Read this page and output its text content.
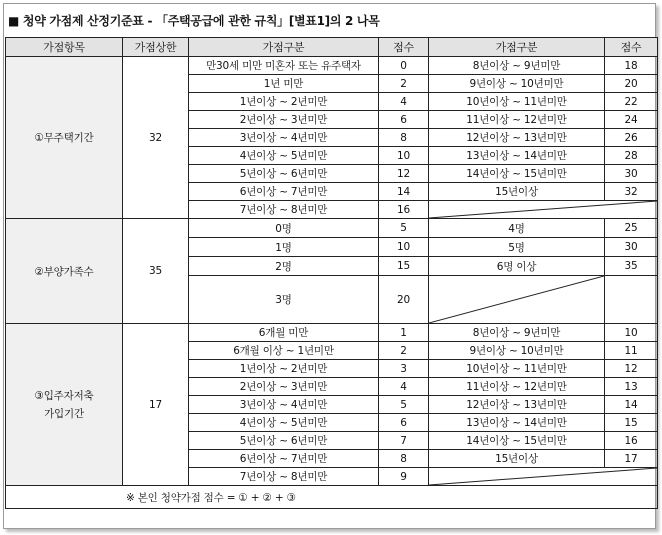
■ 청약 가점제 산정기준표 - 「주택공급에 관한 규칙」[별표1]의 2 나목
가점항목	가점상한	가점구분	점수	가점구분	점수
①무주택기간	32	만30세 미만 미혼자 또는 유주택자	0	8년이상 ~ 9년미만	18
		1년 미만	2	9년이상 ~ 10년미만	20
		1년이상 ~ 2년미만	4	10년이상 ~ 11년미만	22
		2년이상 ~ 3년미만	6	11년이상 ~ 12년미만	24
		3년이상 ~ 4년미만	8	12년이상 ~ 13년미만	26
		4년이상 ~ 5년미만	10	13년이상 ~ 14년미만	28
		5년이상 ~ 6년미만	12	14년이상 ~ 15년미만	30
		6년이상 ~ 7년미만	14	15년이상	32
		7년이상 ~ 8년미만	16	

②부양가족수	35	0명	5	4명	25
		1명	10	5명	30
		2명	15	6명 이상	35
		3명	20	

③입주자저축
가입기간	17	6개월 미만	1	8년이상 ~ 9년미만	10
		6개월 이상 ~ 1년미만	2	9년이상 ~ 10년미만	11
		1년이상 ~ 2년미만	3	10년이상 ~ 11년미만	12
		2년이상 ~ 3년미만	4	11년이상 ~ 12년미만	13
		3년이상 ~ 4년미만	5	12년이상 ~ 13년미만	14
		4년이상 ~ 5년미만	6	13년이상 ~ 14년미만	15
		5년이상 ~ 6년미만	7	14년이상 ~ 15년미만	16
		6년이상 ~ 7년미만	8	15년이상	17
		7년이상 ~ 8년미만	9	

※ 본인 청약가점 점수 = ① + ② + ③					
